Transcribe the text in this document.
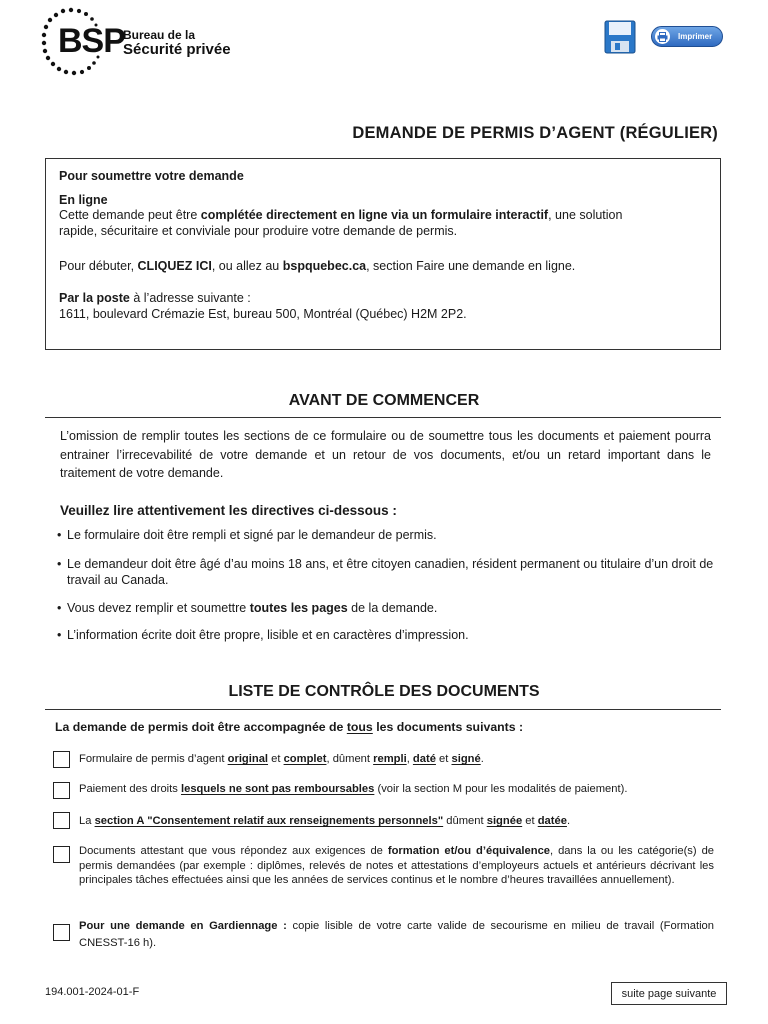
BSP
Bureau de la
Sécurité privée
Imprimer
DEMANDE DE PERMIS D’AGENT (RÉGULIER)
Pour soumettre votre demande
En ligne
Cette demande peut être complétée directement en ligne via un formulaire interactif, une solution
rapide, sécuritaire et conviviale pour produire votre demande de permis.
Pour débuter, CLIQUEZ ICI, ou allez au bspquebec.ca, section Faire une demande en ligne.
Par la poste à l’adresse suivante :
1611, boulevard Crémazie Est, bureau 500, Montréal (Québec) H2M 2P2.
AVANT DE COMMENCER
L’omission de remplir toutes les sections de ce formulaire ou de soumettre tous les documents et paiement pourra entrainer l’irrecevabilité de votre demande et un retour de vos documents, et/ou un retard important dans le traitement de votre demande.
Veuillez lire attentivement les directives ci-dessous :
• Le formulaire doit être rempli et signé par le demandeur de permis.
• Le demandeur doit être âgé d’au moins 18 ans, et être citoyen canadien, résident permanent ou titulaire d’un droit de travail au Canada.
• Vous devez remplir et soumettre toutes les pages de la demande.
• L’information écrite doit être propre, lisible et en caractères d’impression.
LISTE DE CONTRÔLE DES DOCUMENTS
La demande de permis doit être accompagnée de tous les documents suivants :
Formulaire de permis d’agent original et complet, dûment rempli, daté et signé.
Paiement des droits lesquels ne sont pas remboursables (voir la section M pour les modalités de paiement).
La section A "Consentement relatif aux renseignements personnels" dûment signée et datée.
Documents attestant que vous répondez aux exigences de formation et/ou d’équivalence, dans la ou les catégorie(s) de permis demandées (par exemple : diplômes, relevés de notes et attestations d’employeurs actuels et antérieurs décrivant les principales tâches effectuées ainsi que les années de services continus et le nombre d’heures travaillées annuellement).
Pour une demande en Gardiennage : copie lisible de votre carte valide de secourisme en milieu de travail (Formation CNESST-16 h).
194.001-2024-01-F	suite page suivante
